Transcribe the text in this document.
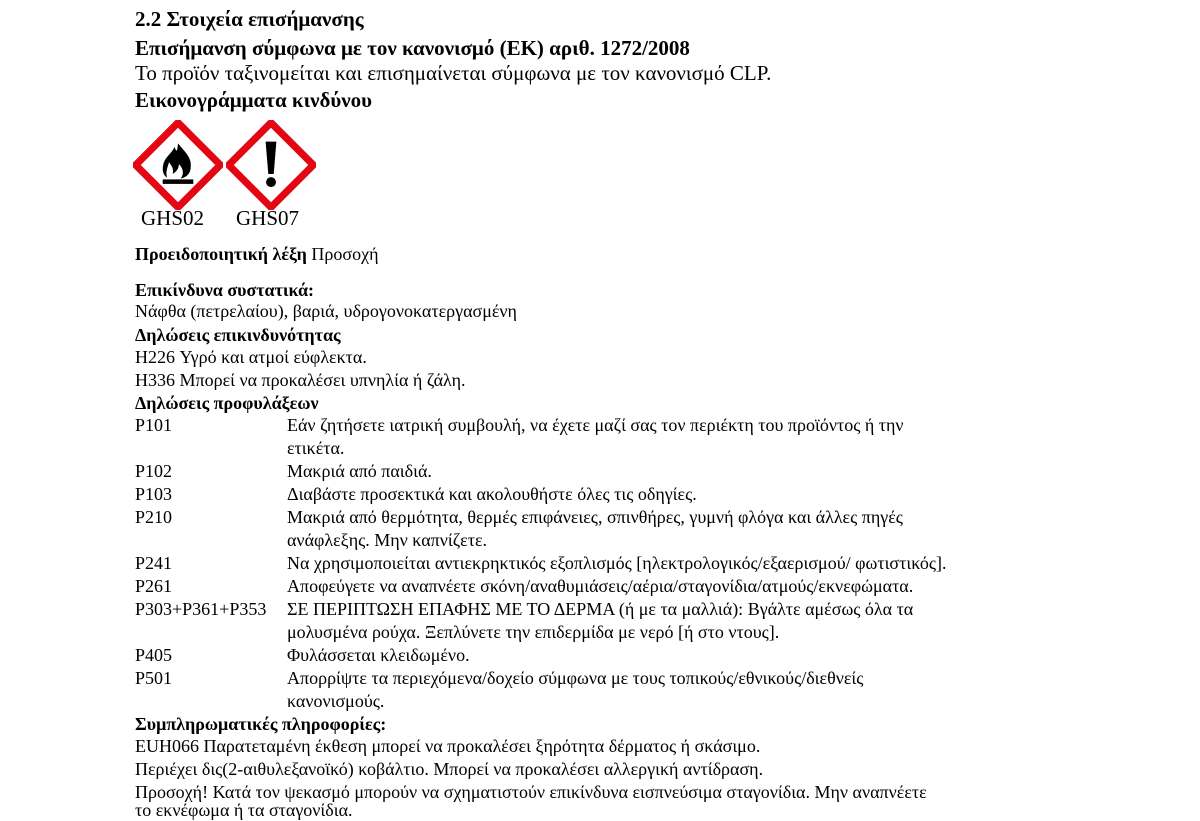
2.2 Στοιχεία επισήμανσης
Επισήμανση σύμφωνα με τον κανονισμό (ΕΚ) αριθ. 1272/2008
Το προϊόν ταξινομείται και επισημαίνεται σύμφωνα με τον κανονισμό CLP.
Εικονογράμματα κινδύνου
GHS02 GHS07
Προειδοποιητική λέξη Προσοχή
Επικίνδυνα συστατικά:
Νάφθα (πετρελαίου), βαριά, υδρογονοκατεργασμένη
Δηλώσεις επικινδυνότητας
H226 Υγρό και ατμοί εύφλεκτα.
H336 Μπορεί να προκαλέσει υπνηλία ή ζάλη.
Δηλώσεις προφυλάξεων
P101	Εάν ζητήσετε ιατρική συμβουλή, να έχετε μαζί σας τον περιέκτη του προϊόντος ή την
ετικέτα.
P102	Μακριά από παιδιά.
P103	Διαβάστε προσεκτικά και ακολουθήστε όλες τις οδηγίες.
P210	Μακριά από θερμότητα, θερμές επιφάνειες, σπινθήρες, γυμνή φλόγα και άλλες πηγές
ανάφλεξης. Μην καπνίζετε.
P241	Να χρησιμοποιείται αντιεκρηκτικός εξοπλισμός [ηλεκτρολογικός/εξαερισμού/ φωτιστικός].
P261	Αποφεύγετε να αναπνέετε σκόνη/αναθυμιάσεις/αέρια/σταγονίδια/ατμούς/εκνεφώματα.
P303+P361+P353 ΣΕ ΠΕΡΙΠΤΩΣΗ ΕΠΑΦΗΣ ΜΕ ΤΟ ΔΕΡΜΑ (ή με τα μαλλιά): Βγάλτε αμέσως όλα τα
μολυσμένα ρούχα. Ξεπλύνετε την επιδερμίδα με νερό [ή στο ντους].
P405	Φυλάσσεται κλειδωμένο.
P501	Απορρίψτε τα περιεχόμενα/δοχείο σύμφωνα με τους τοπικούς/εθνικούς/διεθνείς
κανονισμούς.
Συμπληρωματικές πληροφορίες:
EUH066 Παρατεταμένη έκθεση μπορεί να προκαλέσει ξηρότητα δέρματος ή σκάσιμο.
Περιέχει δις(2-αιθυλεξανοϊκό) κοβάλτιο. Μπορεί να προκαλέσει αλλεργική αντίδραση.
Προσοχή! Κατά τον ψεκασμό μπορούν να σχηματιστούν επικίνδυνα εισπνεύσιμα σταγονίδια. Μην αναπνέετε
το εκνέφωμα ή τα σταγονίδια.
